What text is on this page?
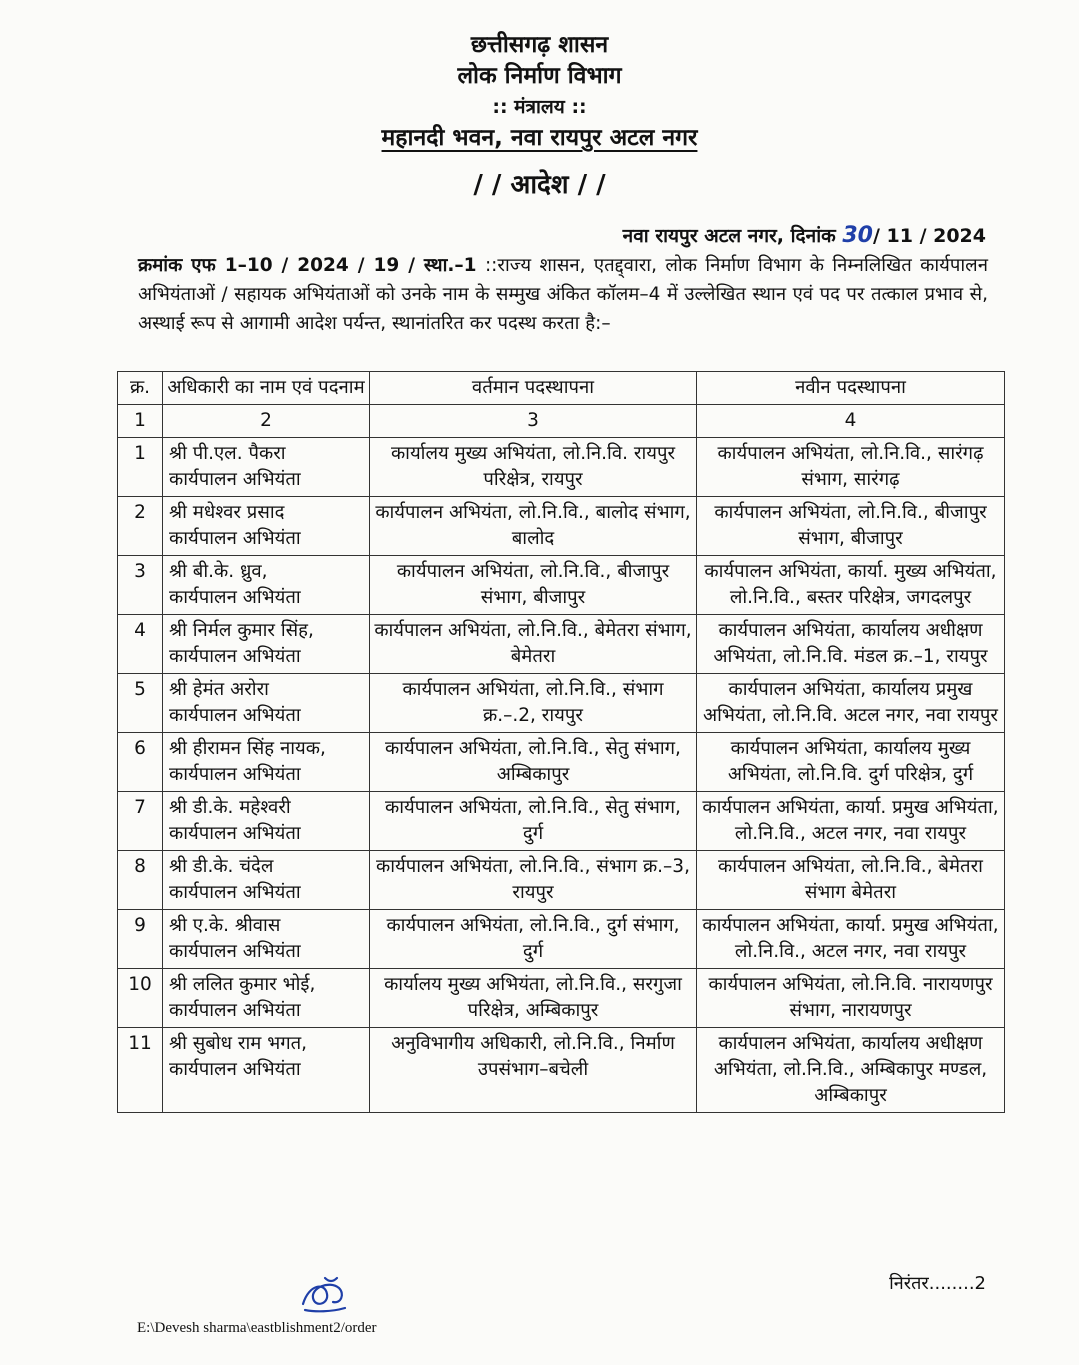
छत्तीसगढ़ शासन
लोक निर्माण विभाग
:: मंत्रालय ::
महानदी भवन, नवा रायपुर अटल नगर
/ / आदेश / /
नवा रायपुर अटल नगर, दिनांक 30/ 11 / 2024
क्रमांक एफ 1–10 / 2024 / 19 / स्था.–1 ::राज्य शासन, एतद्द्वारा, लोक निर्माण विभाग के निम्नलिखित कार्यपालन अभियंताओं / सहायक अभियंताओं को उनके नाम के सम्मुख अंकित कॉलम–4 में उल्लेखित स्थान एवं पद पर तत्काल प्रभाव से, अस्थाई रूप से आगामी आदेश पर्यन्त, स्थानांतरित कर पदस्थ करता है:–
क्र.	अधिकारी का नाम एवं पदनाम	वर्तमान पदस्थापना	नवीन पदस्थापना
1	2	3	4
1	श्री पी.एल. पैकरा
कार्यपालन अभियंता	कार्यालय मुख्य अभियंता, लो.नि.वि. रायपुर परिक्षेत्र, रायपुर	कार्यपालन अभियंता, लो.नि.वि., सारंगढ़ संभाग, सारंगढ़
2	श्री मधेश्वर प्रसाद
कार्यपालन अभियंता	कार्यपालन अभियंता, लो.नि.वि., बालोद संभाग, बालोद	कार्यपालन अभियंता, लो.नि.वि., बीजापुर संभाग, बीजापुर
3	श्री बी.के. ध्रुव,
कार्यपालन अभियंता	कार्यपालन अभियंता, लो.नि.वि., बीजापुर संभाग, बीजापुर	कार्यपालन अभियंता, कार्या. मुख्य अभियंता, लो.नि.वि., बस्तर परिक्षेत्र, जगदलपुर
4	श्री निर्मल कुमार सिंह,
कार्यपालन अभियंता	कार्यपालन अभियंता, लो.नि.वि., बेमेतरा संभाग, बेमेतरा	कार्यपालन अभियंता, कार्यालय अधीक्षण अभियंता, लो.नि.वि. मंडल क्र.–1, रायपुर
5	श्री हेमंत अरोरा
कार्यपालन अभियंता	कार्यपालन अभियंता, लो.नि.वि., संभाग क्र.–.2, रायपुर	कार्यपालन अभियंता, कार्यालय प्रमुख अभियंता, लो.नि.वि. अटल नगर, नवा रायपुर
6	श्री हीरामन सिंह नायक,
कार्यपालन अभियंता	कार्यपालन अभियंता, लो.नि.वि., सेतु संभाग, अम्बिकापुर	कार्यपालन अभियंता, कार्यालय मुख्य अभियंता, लो.नि.वि. दुर्ग परिक्षेत्र, दुर्ग
7	श्री डी.के. महेश्वरी
कार्यपालन अभियंता	कार्यपालन अभियंता, लो.नि.वि., सेतु संभाग, दुर्ग	कार्यपालन अभियंता, कार्या. प्रमुख अभियंता, लो.नि.वि., अटल नगर, नवा रायपुर
8	श्री डी.के. चंदेल
कार्यपालन अभियंता	कार्यपालन अभियंता, लो.नि.वि., संभाग क्र.–3, रायपुर	कार्यपालन अभियंता, लो.नि.वि., बेमेतरा संभाग बेमेतरा
9	श्री ए.के. श्रीवास
कार्यपालन अभियंता	कार्यपालन अभियंता, लो.नि.वि., दुर्ग संभाग, दुर्ग	कार्यपालन अभियंता, कार्या. प्रमुख अभियंता, लो.नि.वि., अटल नगर, नवा रायपुर
10	श्री ललित कुमार भोई,
कार्यपालन अभियंता	कार्यालय मुख्य अभियंता, लो.नि.वि., सरगुजा परिक्षेत्र, अम्बिकापुर	कार्यपालन अभियंता, लो.नि.वि. नारायणपुर संभाग, नारायणपुर
11	श्री सुबोध राम भगत,
कार्यपालन अभियंता	अनुविभागीय अधिकारी, लो.नि.वि., निर्माण उपसंभाग–बचेली	कार्यपालन अभियंता, कार्यालय अधीक्षण अभियंता, लो.नि.वि., अम्बिकापुर मण्डल, अम्बिकापुर
निरंतर........2
E:\Devesh sharma\eastblishment2/order
